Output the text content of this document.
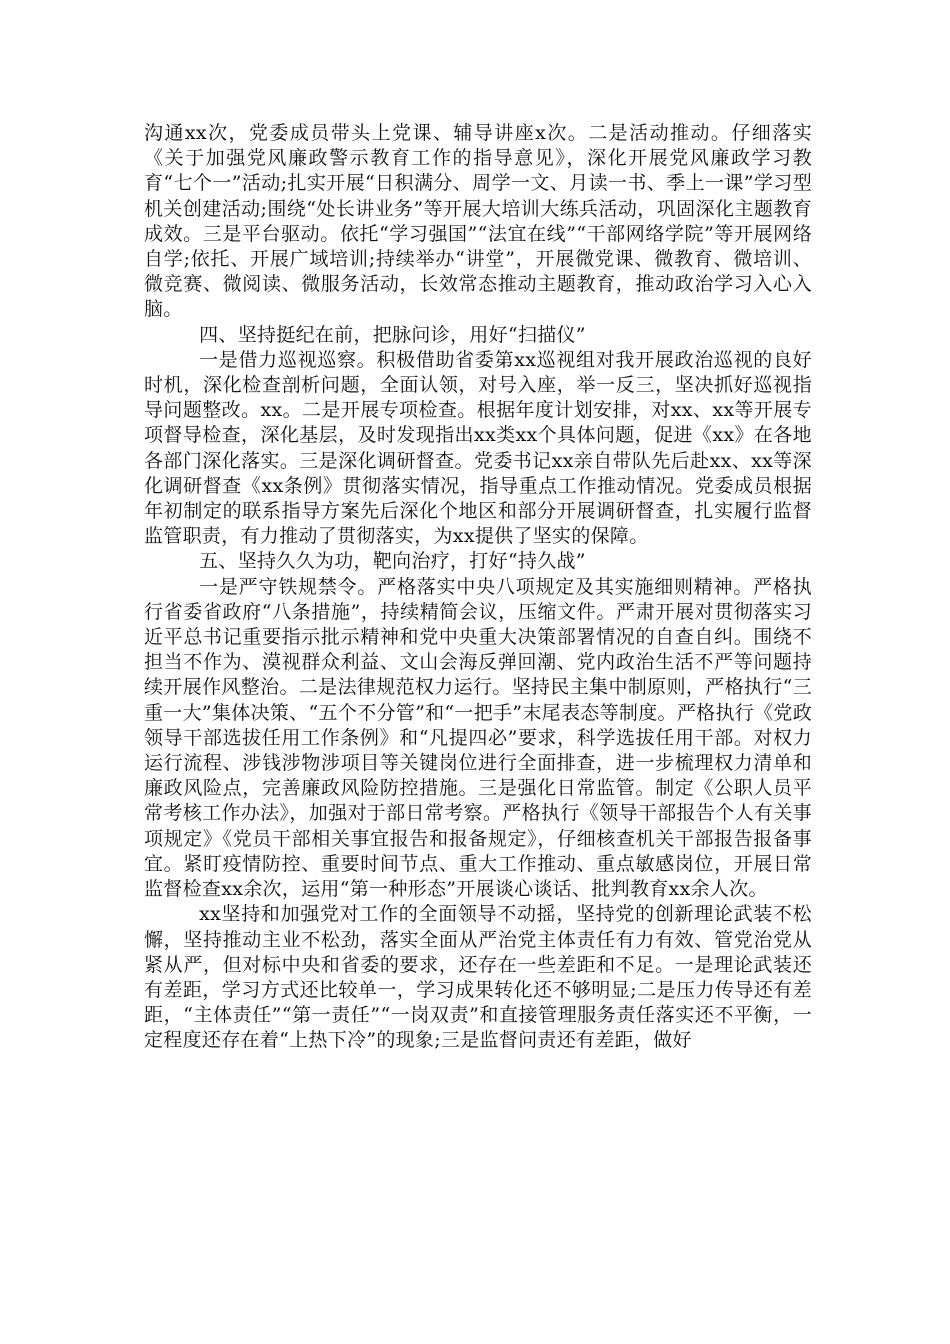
沟通xx次，党委成员带头上党课、辅导讲座x次。二是活动推动。仔细落实《关于加强党风廉政警示教育工作的指导意见》，深化开展党风廉政学习教育“七个一”活动;扎实开展“日积满分、周学一文、月读一书、季上一课”学习型机关创建活动;围绕“处长讲业务”等开展大培训大练兵活动，巩固深化主题教育成效。三是平台驱动。依托“学习强国”“法宜在线”“干部网络学院”等开展网络自学;依托、开展广域培训;持续举办“讲堂”，开展微党课、微教育、微培训、微竞赛、微阅读、微服务活动，长效常态推动主题教育，推动政治学习入心入脑。

四、坚持挺纪在前，把脉问诊，用好“扫描仪”

一是借力巡视巡察。积极借助省委第xx巡视组对我开展政治巡视的良好时机，深化检查剖析问题，全面认领，对号入座，举一反三，坚决抓好巡视指导问题整改。xx。二是开展专项检查。根据年度计划安排，对xx、xx等开展专项督导检查，深化基层，及时发现指出xx类xx个具体问题，促进《xx》在各地各部门深化落实。三是深化调研督查。党委书记xx亲自带队先后赴xx、xx等深化调研督查《xx条例》贯彻落实情况，指导重点工作推动情况。党委成员根据年初制定的联系指导方案先后深化个地区和部分开展调研督查，扎实履行监督监管职责，有力推动了贯彻落实，为xx提供了坚实的保障。

五、坚持久久为功，靶向治疗，打好“持久战”

一是严守铁规禁令。严格落实中央八项规定及其实施细则精神。严格执行省委省政府“八条措施”，持续精简会议，压缩文件。严肃开展对贯彻落实习近平总书记重要指示批示精神和党中央重大决策部署情况的自查自纠。围绕不担当不作为、漠视群众利益、文山会海反弹回潮、党内政治生活不严等问题持续开展作风整治。二是法律规范权力运行。坚持民主集中制原则，严格执行“三重一大”集体决策、“五个不分管”和“一把手”末尾表态等制度。严格执行《党政领导干部选拔任用工作条例》和“凡提四必”要求，科学选拔任用干部。对权力运行流程、涉钱涉物涉项目等关键岗位进行全面排查，进一步梳理权力清单和廉政风险点，完善廉政风险防控措施。三是强化日常监管。制定《公职人员平常考核工作办法》，加强对于部日常考察。严格执行《领导干部报告个人有关事项规定》《党员干部相关事宜报告和报备规定》，仔细核查机关干部报告报备事宜。紧盯疫情防控、重要时间节点、重大工作推动、重点敏感岗位，开展日常监督检查xx余次，运用“第一种形态”开展谈心谈话、批判教育xx余人次。

xx坚持和加强党对工作的全面领导不动摇，坚持党的创新理论武装不松懈，坚持推动主业不松劲，落实全面从严治党主体责任有力有效、管党治党从紧从严，但对标中央和省委的要求，还存在一些差距和不足。一是理论武装还有差距，学习方式还比较单一，学习成果转化还不够明显;二是压力传导还有差距，“主体责任”“第一责任”“一岗双责”和直接管理服务责任落实还不平衡，一定程度还存在着“上热下冷”的现象;三是监督问责还有差距，做好
